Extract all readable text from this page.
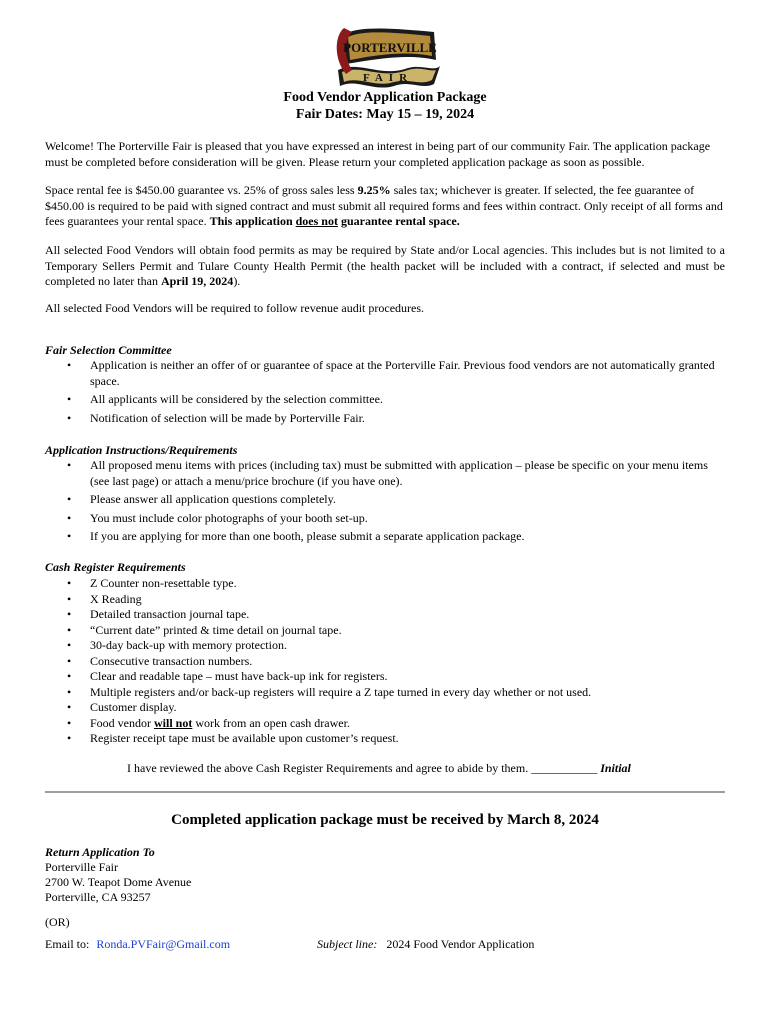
PORTERVILLE
FAIR
Food Vendor Application Package
Fair Dates: May 15 – 19, 2024

Welcome! The Porterville Fair is pleased that you have expressed an interest in being part of our community Fair. The application package must be completed before consideration will be given. Please return your completed application package as soon as possible.

Space rental fee is $450.00 guarantee vs. 25% of gross sales less 9.25% sales tax; whichever is greater. If selected, the fee guarantee of $450.00 is required to be paid with signed contract and must submit all required forms and fees within contract. Only receipt of all forms and fees guarantees your rental space. This application does not guarantee rental space.

All selected Food Vendors will obtain food permits as may be required by State and/or Local agencies. This includes but is not limited to a Temporary Sellers Permit and Tulare County Health Permit (the health packet will be included with a contract, if selected and must be completed no later than April 19, 2024).

All selected Food Vendors will be required to follow revenue audit procedures.

Fair Selection Committee
• Application is neither an offer of or guarantee of space at the Porterville Fair. Previous food vendors are not automatically granted space.
• All applicants will be considered by the selection committee.
• Notification of selection will be made by Porterville Fair.
Application Instructions/Requirements
• All proposed menu items with prices (including tax) must be submitted with application – please be specific on your menu items (see last page) or attach a menu/price brochure (if you have one).
• Please answer all application questions completely.
• You must include color photographs of your booth set-up.
• If you are applying for more than one booth, please submit a separate application package.
Cash Register Requirements
• Z Counter non-resettable type.
• X Reading
• Detailed transaction journal tape.
• “Current date” printed & time detail on journal tape.
• 30-day back-up with memory protection.
• Consecutive transaction numbers.
• Clear and readable tape – must have back-up ink for registers.
• Multiple registers and/or back-up registers will require a Z tape turned in every day whether or not used.
• Customer display.
• Food vendor will not work from an open cash drawer.
• Register receipt tape must be available upon customer’s request.
I have reviewed the above Cash Register Requirements and agree to abide by them. ___________ Initial
Completed application package must be received by March 8, 2024
Return Application To
Porterville Fair
2700 W. Teapot Dome Avenue
Porterville, CA 93257
(OR)
Email to: Ronda.PVFair@Gmail.com	Subject line: 2024 Food Vendor Application
